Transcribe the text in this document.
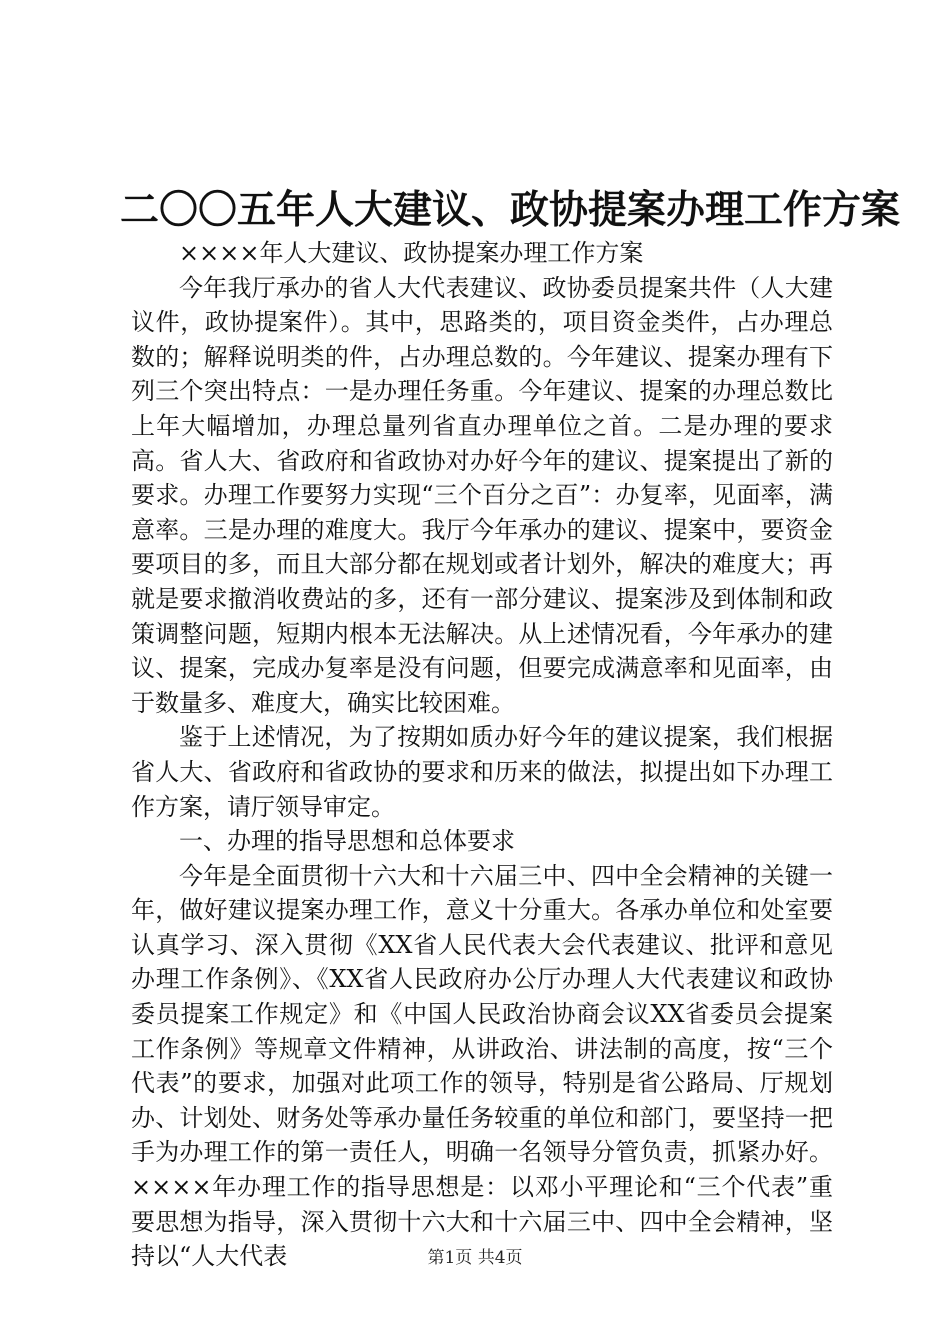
二〇〇五年人大建议、政协提案办理工作方案

××××年人大建议、政协提案办理工作方案

今年我厅承办的省人大代表建议、政协委员提案共件（人大建议件，政协提案件）。其中，思路类的，项目资金类件，占办理总数的；解释说明类的件，占办理总数的。今年建议、提案办理有下列三个突出特点：一是办理任务重。今年建议、提案的办理总数比上年大幅增加，办理总量列省直办理单位之首。二是办理的要求高。省人大、省政府和省政协对办好今年的建议、提案提出了新的要求。办理工作要努力实现“三个百分之百”：办复率，见面率，满意率。三是办理的难度大。我厅今年承办的建议、提案中，要资金要项目的多，而且大部分都在规划或者计划外，解决的难度大；再就是要求撤消收费站的多，还有一部分建议、提案涉及到体制和政策调整问题，短期内根本无法解决。从上述情况看，今年承办的建议、提案，完成办复率是没有问题，但要完成满意率和见面率，由于数量多、难度大，确实比较困难。

鉴于上述情况，为了按期如质办好今年的建议提案，我们根据省人大、省政府和省政协的要求和历来的做法，拟提出如下办理工作方案，请厅领导审定。

一、办理的指导思想和总体要求

今年是全面贯彻十六大和十六届三中、四中全会精神的关键一年，做好建议提案办理工作，意义十分重大。各承办单位和处室要认真学习、深入贯彻《XX省人民代表大会代表建议、批评和意见办理工作条例》、《XX省人民政府办公厅办理人大代表建议和政协委员提案工作规定》和《中国人民政治协商会议XX省委员会提案工作条例》等规章文件精神，从讲政治、讲法制的高度，按“三个代表”的要求，加强对此项工作的领导，特别是省公路局、厅规划办、计划处、财务处等承办量任务较重的单位和部门，要坚持一把手为办理工作的第一责任人，明确一名领导分管负责，抓紧办好。××××年办理工作的指导思想是：以邓小平理论和“三个代表”重要思想为指导，深入贯彻十六大和十六届三中、四中全会精神，坚持以“人大代表	第1页 共4页
